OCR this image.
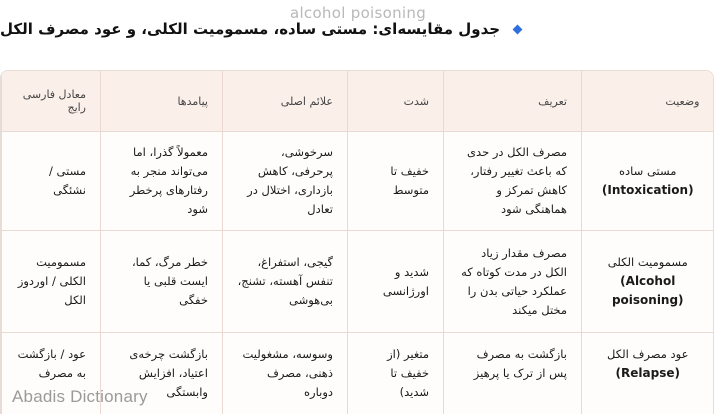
alcohol poisoning
جدول مقایسه‌ای: مستی ساده، مسمومیت الکلی، و عود مصرف الکل
وضعیت	تعریف	شدت	علائم اصلی	پیامدها	معادل فارسی رایج

مستی ساده
(Intoxication)	مصرف الکل در حدی که باعث تغییر رفتار، کاهش تمرکز و هماهنگی شود	خفیف تا متوسط	سرخوشی، پرحرفی، کاهش بازداری، اختلال در تعادل	معمولاً گذرا، اما می‌تواند منجر به رفتارهای پرخطر شود	مستی / نشئگی

مسمومیت الکلی
(Alcohol poisoning)	مصرف مقدار زیاد الکل در مدت کوتاه که عملکرد حیاتی بدن را مختل میکند	شدید و اورژانسی	گیجی، استفراغ، تنفس آهسته، تشنج، بی‌هوشی	خطر مرگ، کما، ایست قلبی یا خفگی	مسمومیت الکلی / اوردوز الکل

عود مصرف الکل
(Relapse)	بازگشت به مصرف پس از ترک یا پرهیز	متغیر (از خفیف تا شدید)	وسوسه، مشغولیت ذهنی، مصرف دوباره	بازگشت چرخه‌ی اعتیاد، افزایش وابستگی	عود / بازگشت به مصرف
Abadis Dictionary
